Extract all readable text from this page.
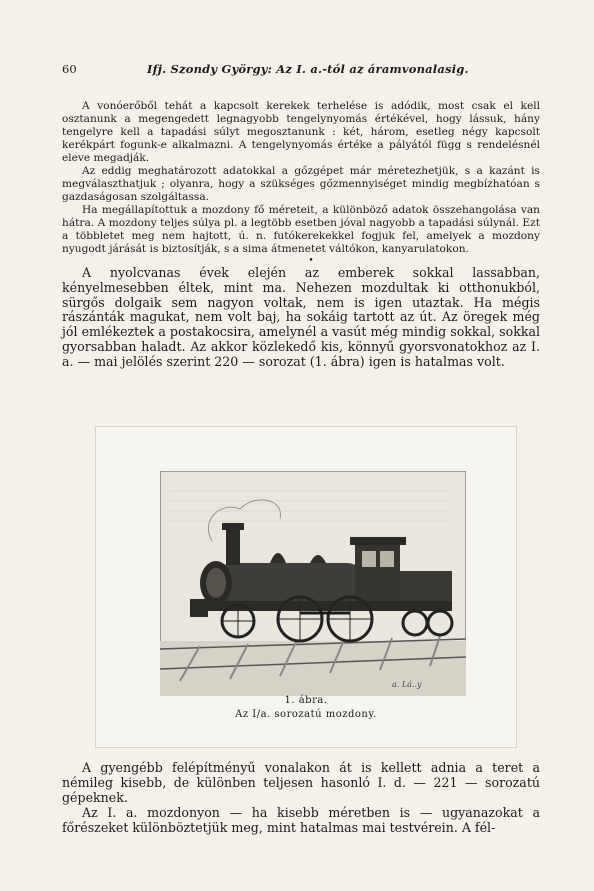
60	Ifj. Szondy György: Az I. a.-tól az áramvonalasig.

A vonóerőből tehát a kapcsolt kerekek terhelése is adódik, most csak el kell osztanunk a megengedett legnagyobb tengelynyomás értékével, hogy lássuk, hány tengelyre kell a tapadási súlyt megosztanunk : két, három, esetleg négy kapcsolt kerékpárt fogunk-e alkalmazni. A tengelynyomás értéke a pályától függ s rendelésnél eleve megadják.

Az eddig meghatározott adatokkal a gőzgépet már méretezhetjük, s a kazánt is megválaszthatjuk ; olyanra, hogy a szükséges gőzmennyiséget mindig megbízhatóan s gazdaságosan szolgáltassa.

Ha megállapítottuk a mozdony fő méreteit, a különböző adatok összehangolása van hátra. A mozdony teljes súlya pl. a legtöbb esetben jóval nagyobb a tapadási súlynál. Ezt a többletet meg nem hajtott, ú. n. futókerekekkel fogjuk fel, amelyek a mozdony nyugodt járását is biztosítják, s a sima átmenetet váltókon, kanyarulatokon.

•

A nyolcvanas évek elején az emberek sokkal lassabban, kényelmesebben éltek, mint ma. Nehezen mozdultak ki otthonukból, sürgős dolgaik sem nagyon voltak, nem is igen utaztak. Ha mégis rászánták magukat, nem volt baj, ha sokáig tartott az út. Az öregek még jól emlékeztek a postakocsira, amelynél a vasút még mindig sokkal, sokkal gyorsabban haladt. Az akkor közlekedő kis, könnyű gyorsvonatokhoz az I. a. — mai jelölés szerint 220 — sorozat (1. ábra) igen is hatalmas volt.

a. Lá..y
1. ábra.
Az I/a. sorozatú mozdony.

A gyengébb felépítményű vonalakon át is kellett adnia a teret a némileg kisebb, de különben teljesen hasonló I. d. — 221 — sorozatú gépeknek.

Az I. a. mozdonyon — ha kisebb méretben is — ugyanazokat a főrészeket különböztetjük meg, mint hatalmas mai testvérein. A fél-
